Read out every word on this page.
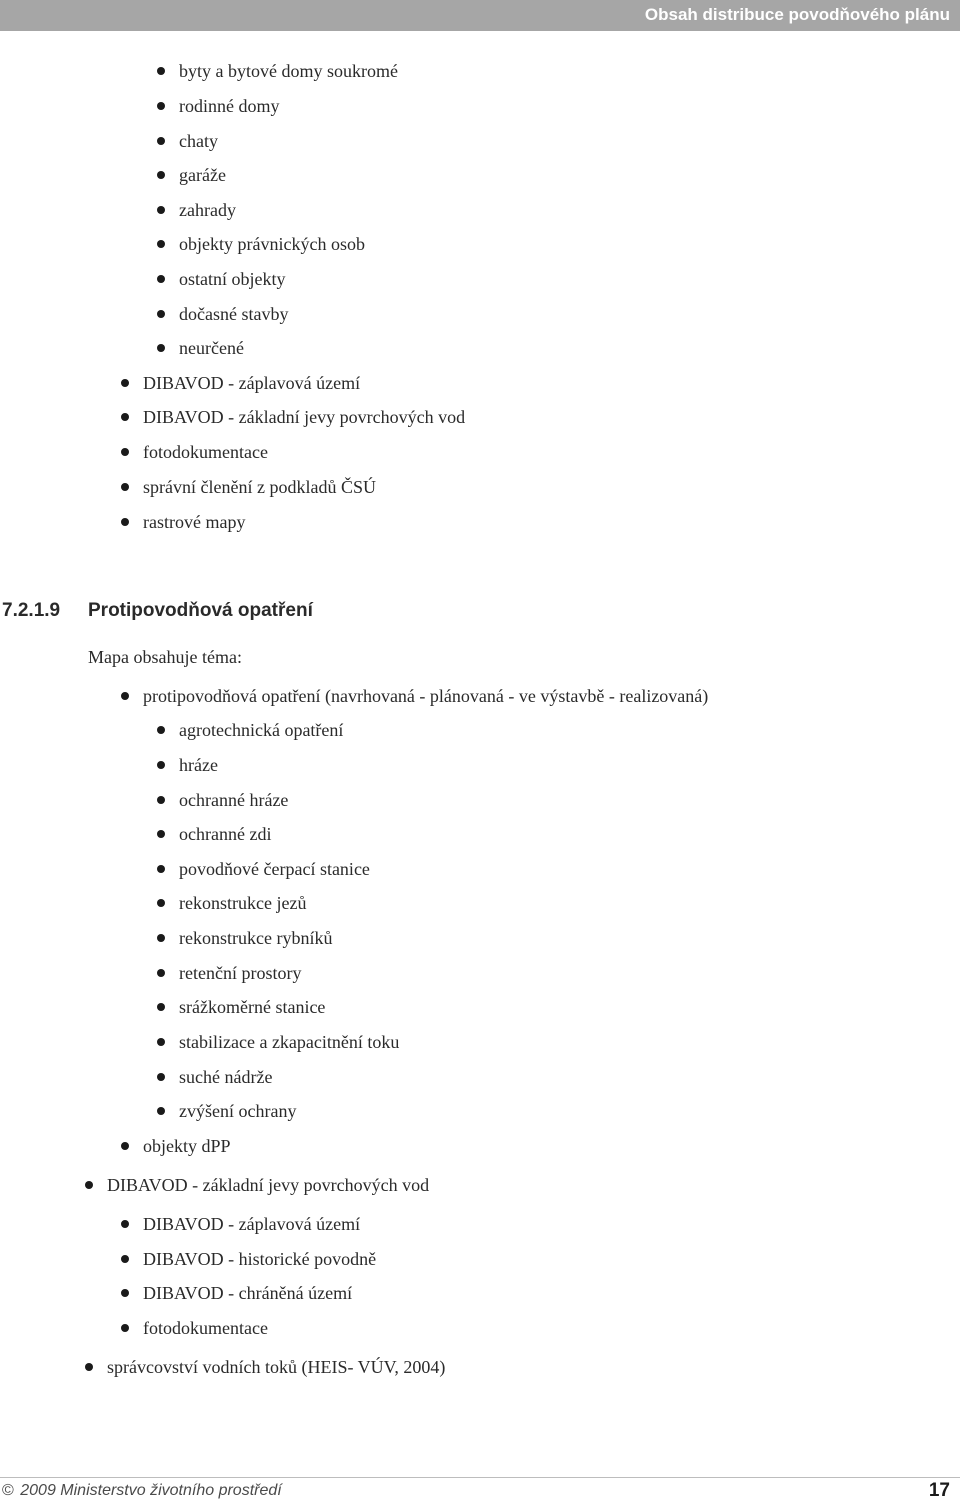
Obsah distribuce povodňového plánu
byty a bytové domy soukromé
rodinné domy
chaty
garáže
zahrady
objekty právnických osob
ostatní objekty
dočasné stavby
neurčené
DIBAVOD - záplavová území
DIBAVOD - základní jevy povrchových vod
fotodokumentace
správní členění z podkladů ČSÚ
rastrové mapy
7.2.1.9 Protipovodňová opatření
Mapa obsahuje téma:
protipovodňová opatření (navrhovaná - plánovaná - ve výstavbě - realizovaná)
agrotechnická opatření
hráze
ochranné hráze
ochranné zdi
povodňové čerpací stanice
rekonstrukce jezů
rekonstrukce rybníků
retenční prostory
srážkoměrné stanice
stabilizace a zkapacitnění toku
suché nádrže
zvýšení ochrany
objekty dPP
DIBAVOD - základní jevy povrchových vod
DIBAVOD - záplavová území
DIBAVOD - historické povodně
DIBAVOD - chráněná území
fotodokumentace
správcovství vodních toků (HEIS- VÚV, 2004)
© 2009 Ministerstvo životního prostředí	17
